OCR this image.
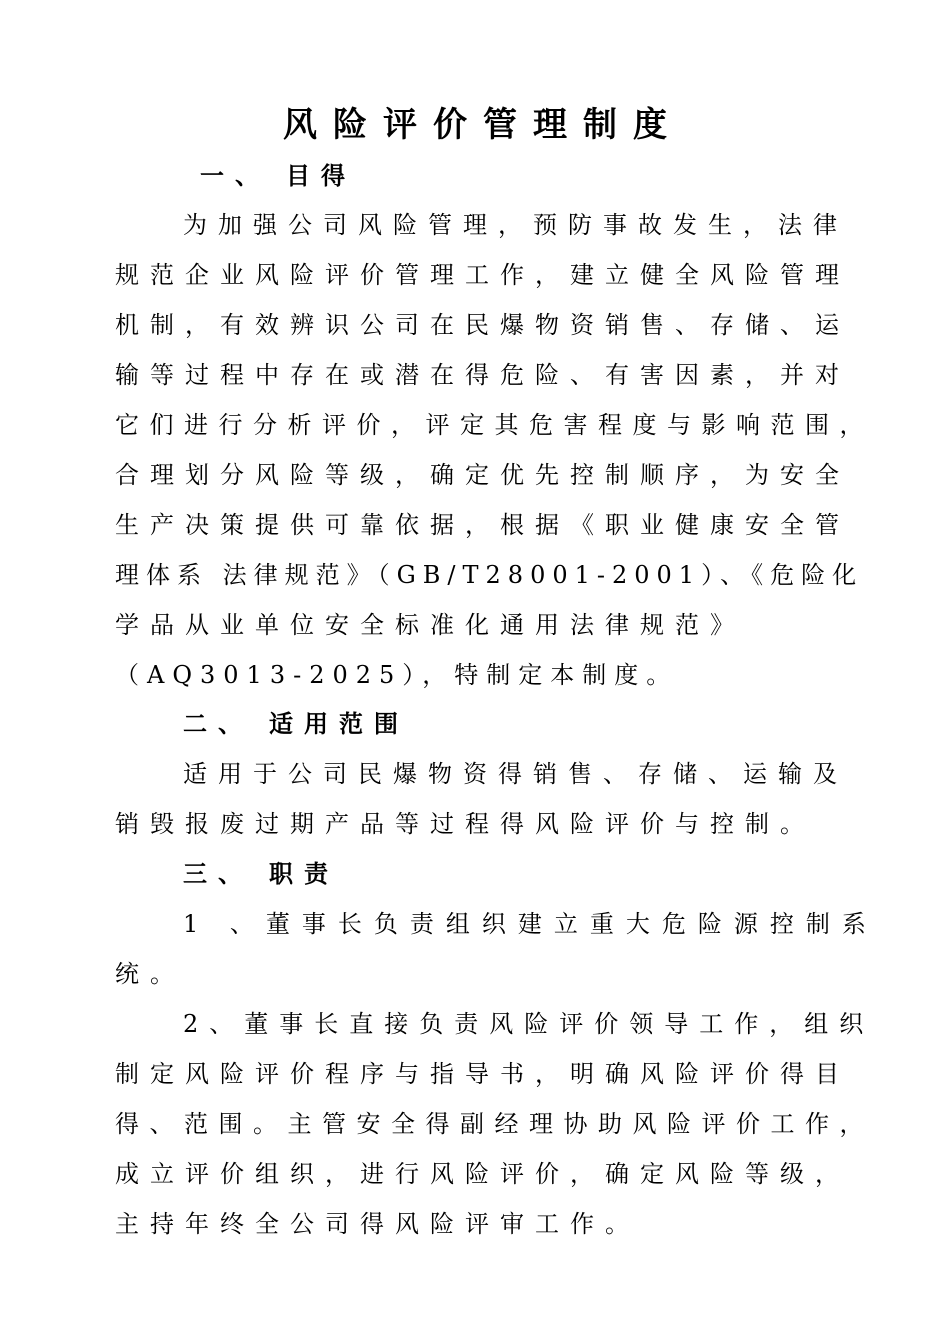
风险评价管理制度
一、 目得
为加强公司风险管理，预防事故发生，法律
规范企业风险评价管理工作，建立健全风险管理
机制，有效辨识公司在民爆物资销售、存储、运
输等过程中存在或潜在得危险、有害因素，并对
它们进行分析评价，评定其危害程度与影响范围，
合理划分风险等级，确定优先控制顺序，为安全
生产决策提供可靠依据，根据《职业健康安全管
理体系 法律规范》（GB/T28001-2001）、《危险化
学品从业单位安全标准化通用法律规范》
（AQ3013-2025），特制定本制度。
二、 适用范围
适用于公司民爆物资得销售、存储、运输及
销毁报废过期产品等过程得风险评价与控制。
三、 职责
1 、董事长负责组织建立重大危险源控制系
统。
2、董事长直接负责风险评价领导工作，组织
制定风险评价程序与指导书，明确风险评价得目
得、范围。主管安全得副经理协助风险评价工作，
成立评价组织，进行风险评价，确定风险等级，
主持年终全公司得风险评审工作。
